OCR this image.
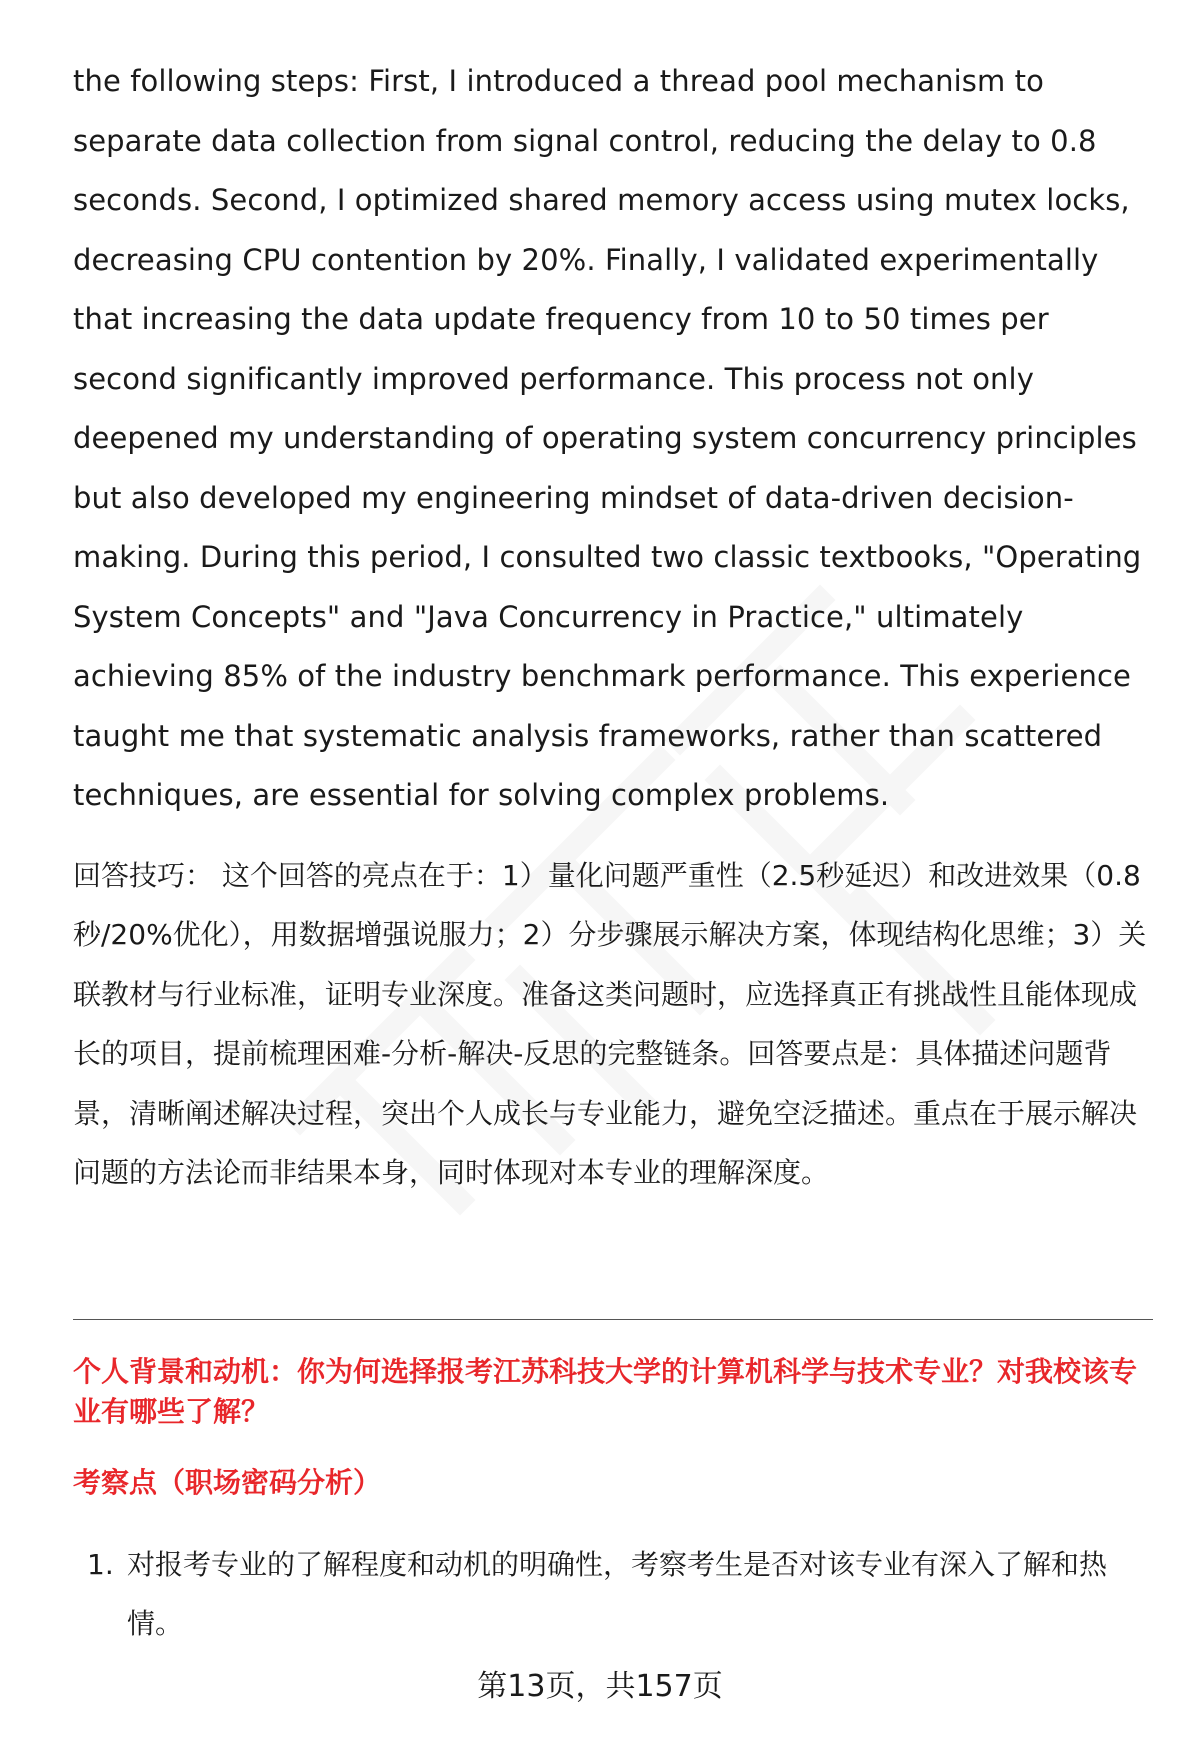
the following steps: First, I introduced a thread pool mechanism to separate data collection from signal control, reducing the delay to 0.8 seconds. Second, I optimized shared memory access using mutex locks, decreasing CPU contention by 20%. Finally, I validated experimentally that increasing the data update frequency from 10 to 50 times per second significantly improved performance. This process not only deepened my understanding of operating system concurrency principles but also developed my engineering mindset of data-driven decision-making. During this period, I consulted two classic textbooks, "Operating System Concepts" and "Java Concurrency in Practice," ultimately achieving 85% of the industry benchmark performance. This experience taught me that systematic analysis frameworks, rather than scattered techniques, are essential for solving complex problems.

回答技巧： 这个回答的亮点在于：1）量化问题严重性（2.5秒延迟）和改进效果（0.8秒/20%优化），用数据增强说服力；2）分步骤展示解决方案，体现结构化思维；3）关联教材与行业标准，证明专业深度。准备这类问题时，应选择真正有挑战性且能体现成长的项目，提前梳理困难-分析-解决-反思的完整链条。回答要点是：具体描述问题背景，清晰阐述解决过程，突出个人成长与专业能力，避免空泛描述。重点在于展示解决问题的方法论而非结果本身，同时体现对本专业的理解深度。

个人背景和动机：你为何选择报考江苏科技大学的计算机科学与技术专业？对我校该专业有哪些了解？
考察点（职场密码分析）
1. 对报考专业的了解程度和动机的明确性，考察考生是否对该专业有深入了解和热情。
第13页，共157页
